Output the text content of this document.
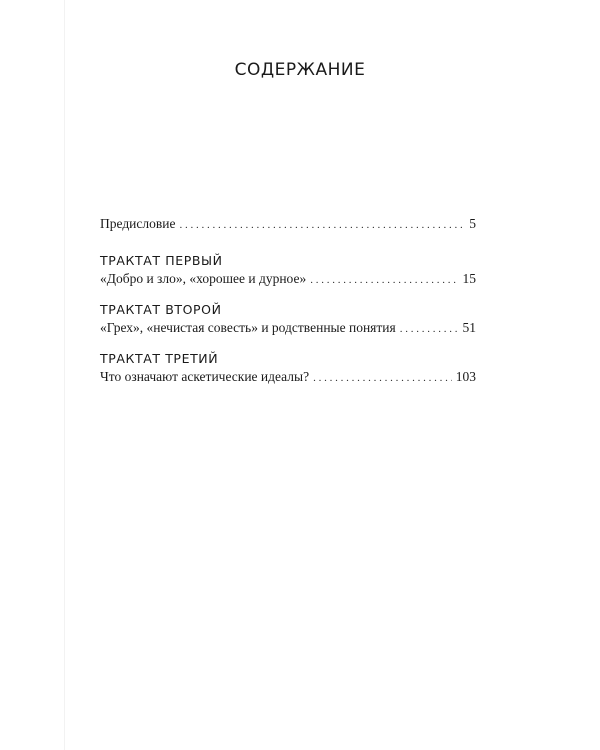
СОДЕРЖАНИЕ
Предисловие . . .	5
ТРАКТАТ ПЕРВЫЙ
«Добро и зло», «хорошее и дурное» . . .	15
ТРАКТАТ ВТОРОЙ
«Грех», «нечистая совесть» и родственные понятия . . .	51
ТРАКТАТ ТРЕТИЙ
Что означают аскетические идеалы? . . .	103
